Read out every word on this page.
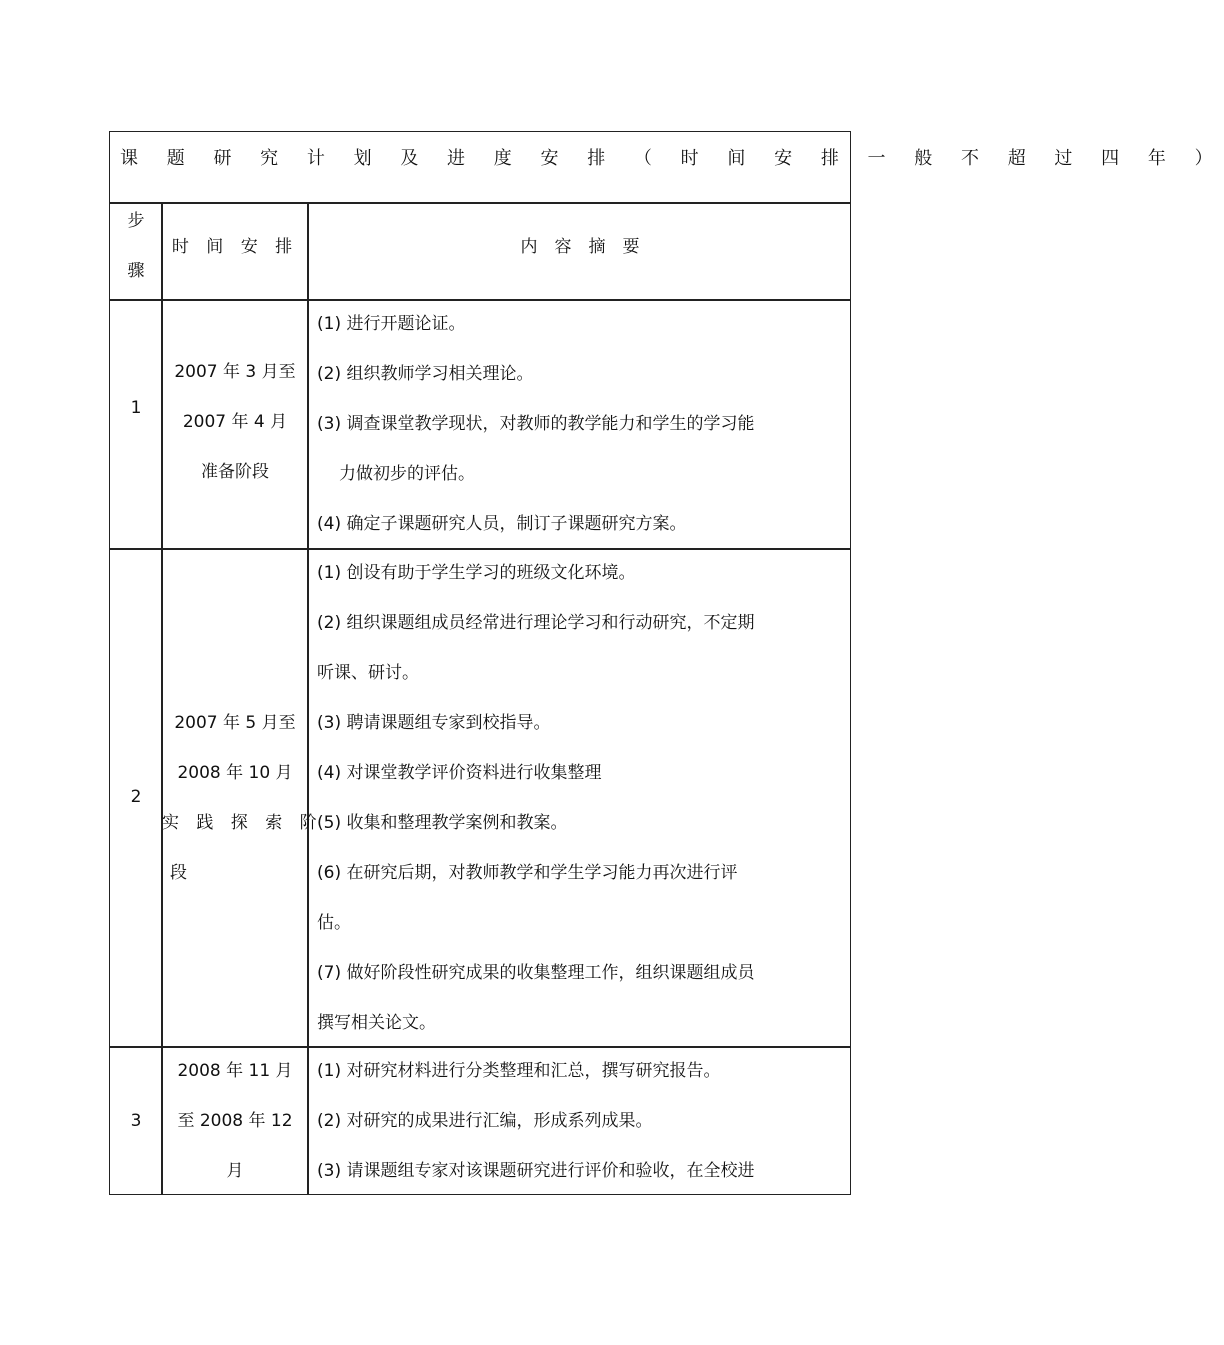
课 题 研 究 计 划 及 进 度 安 排 （ 时 间 安 排 一 般 不 超 过 四 年 ）
步
骤
时 间 安 排	内　容　摘　要
1
2007 年 3 月至
2007 年 4 月
准备阶段
(1) 进行开题论证。
(2) 组织教师学习相关理论。
(3) 调查课堂教学现状，对教师的教学能力和学生的学习能
力做初步的评估。
(4) 确定子课题研究人员，制订子课题研究方案。
2
2007 年 5 月至
2008 年 10 月
实 践 探 索 阶
段
(1) 创设有助于学生学习的班级文化环境。
(2) 组织课题组成员经常进行理论学习和行动研究，不定期
听课、研讨。
(3) 聘请课题组专家到校指导。
(4) 对课堂教学评价资料进行收集整理
(5) 收集和整理教学案例和教案。
(6) 在研究后期，对教师教学和学生学习能力再次进行评
估。
(7) 做好阶段性研究成果的收集整理工作，组织课题组成员
撰写相关论文。
3
2008 年 11 月
至 2008 年 12
月
(1) 对研究材料进行分类整理和汇总，撰写研究报告。
(2) 对研究的成果进行汇编，形成系列成果。
(3) 请课题组专家对该课题研究进行评价和验收，在全校进
